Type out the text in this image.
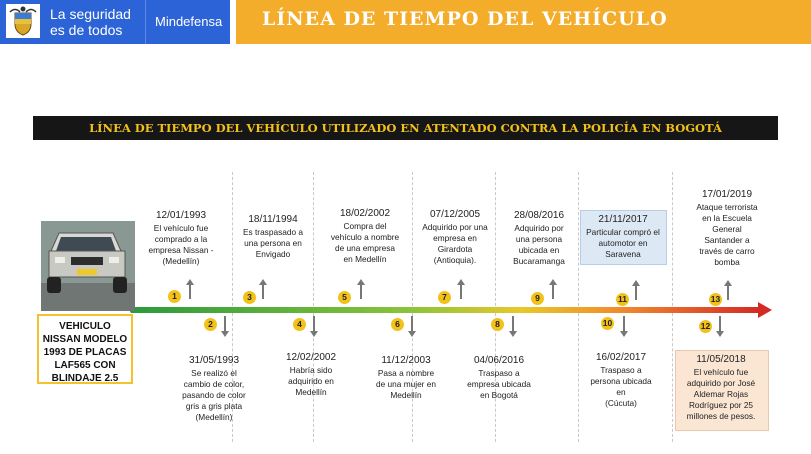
La seguridad
es de todos
Mindefensa LÍNEA DE TIEMPO DEL VEHÍCULO
LÍNEA DE TIEMPO DEL VEHÍCULO UTILIZADO EN ATENTADO CONTRA LA POLICÍA EN BOGOTÁ
VEHICULO
NISSAN MODELO
1993 DE PLACAS
LAF565 CON
BLINDAJE 2.5
12/01/1993
El vehículo fue
comprado a la
empresa Nissan -
(Medellín)
1
31/05/1993
Se realizó el
cambio de color,
pasando de color
gris a gris plata
(Medellín)
2
18/11/1994
Es traspasado a
una persona en
Envigado
3
12/02/2002
Habría sido
adquirido en
Medellín
4
18/02/2002
Compra del
vehículo a nombre
de una empresa
en Medellín
5
11/12/2003
Pasa a nombre
de una mujer en
Medellín
6
07/12/2005
Adquirido por una
empresa en
Girardota
(Antioquia).
7
04/06/2016
Traspaso a
empresa ubicada
en Bogotá
8
28/08/2016
Adquirido por
una persona
ubicada en
Bucaramanga
9
16/02/2017
Traspaso a
persona ubicada
en
(Cúcuta)
10
21/11/2017
Particular compró el
automotor en
Saravena
11
11/05/2018
El vehículo fue
adquirido por José
Aldemar Rojas
Rodríguez por 25
millones de pesos.
12
17/01/2019
Ataque terrorista
en la Escuela
General
Santander a
través de carro
bomba
13
